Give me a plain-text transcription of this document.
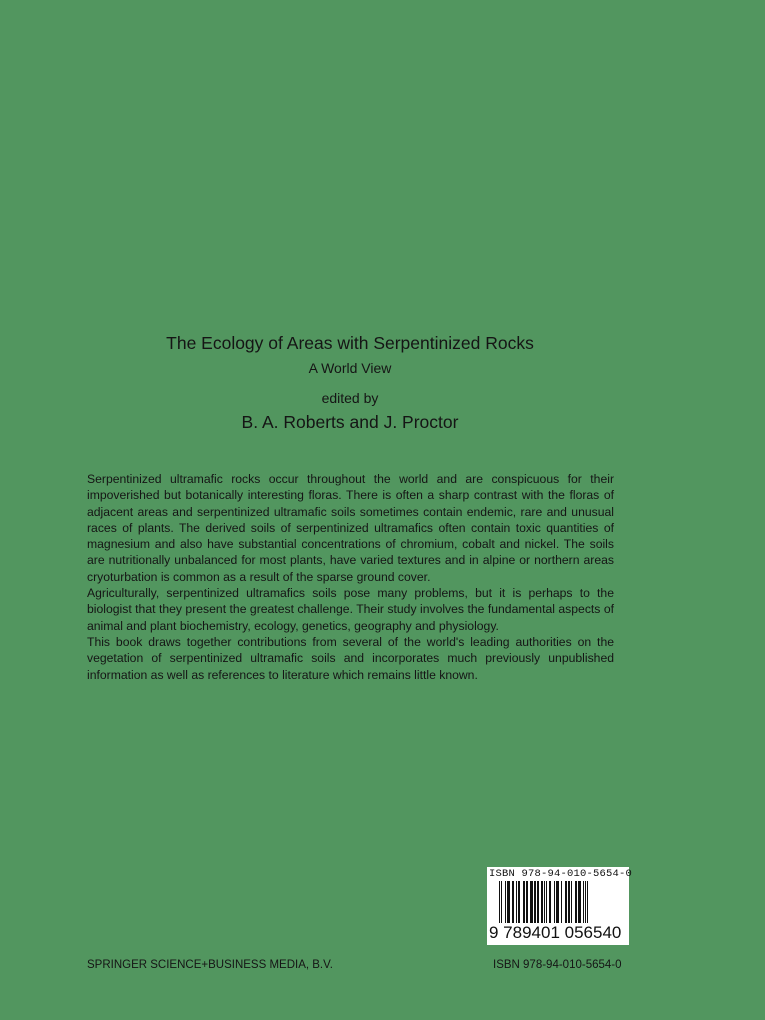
The Ecology of Areas with Serpentinized Rocks
A World View
edited by
B. A. Roberts and J. Proctor

Serpentinized ultramafic rocks occur throughout the world and are conspicuous for their impoverished but botanically interesting floras. There is often a sharp contrast with the floras of adjacent areas and serpentinized ultramafic soils sometimes contain endemic, rare and unusual races of plants. The derived soils of serpentinized ultramafics often contain toxic quantities of magnesium and also have substantial concentrations of chromium, cobalt and nickel. The soils are nutritionally unbalanced for most plants, have varied textures and in alpine or northern areas cryoturbation is common as a result of the sparse ground cover.

Agriculturally, serpentinized ultramafics soils pose many problems, but it is perhaps to the biologist that they present the greatest challenge. Their study involves the fundamental aspects of animal and plant biochemistry, ecology, genetics, geography and physiology.

This book draws together contributions from several of the world's leading authorities on the vegetation of serpentinized ultramafic soils and incorporates much previously unpublished information as well as references to literature which remains little known.

ISBN 978-94-010-5654-0
9 789401 056540
SPRINGER SCIENCE+BUSINESS MEDIA, B.V.	ISBN 978-94-010-5654-0
